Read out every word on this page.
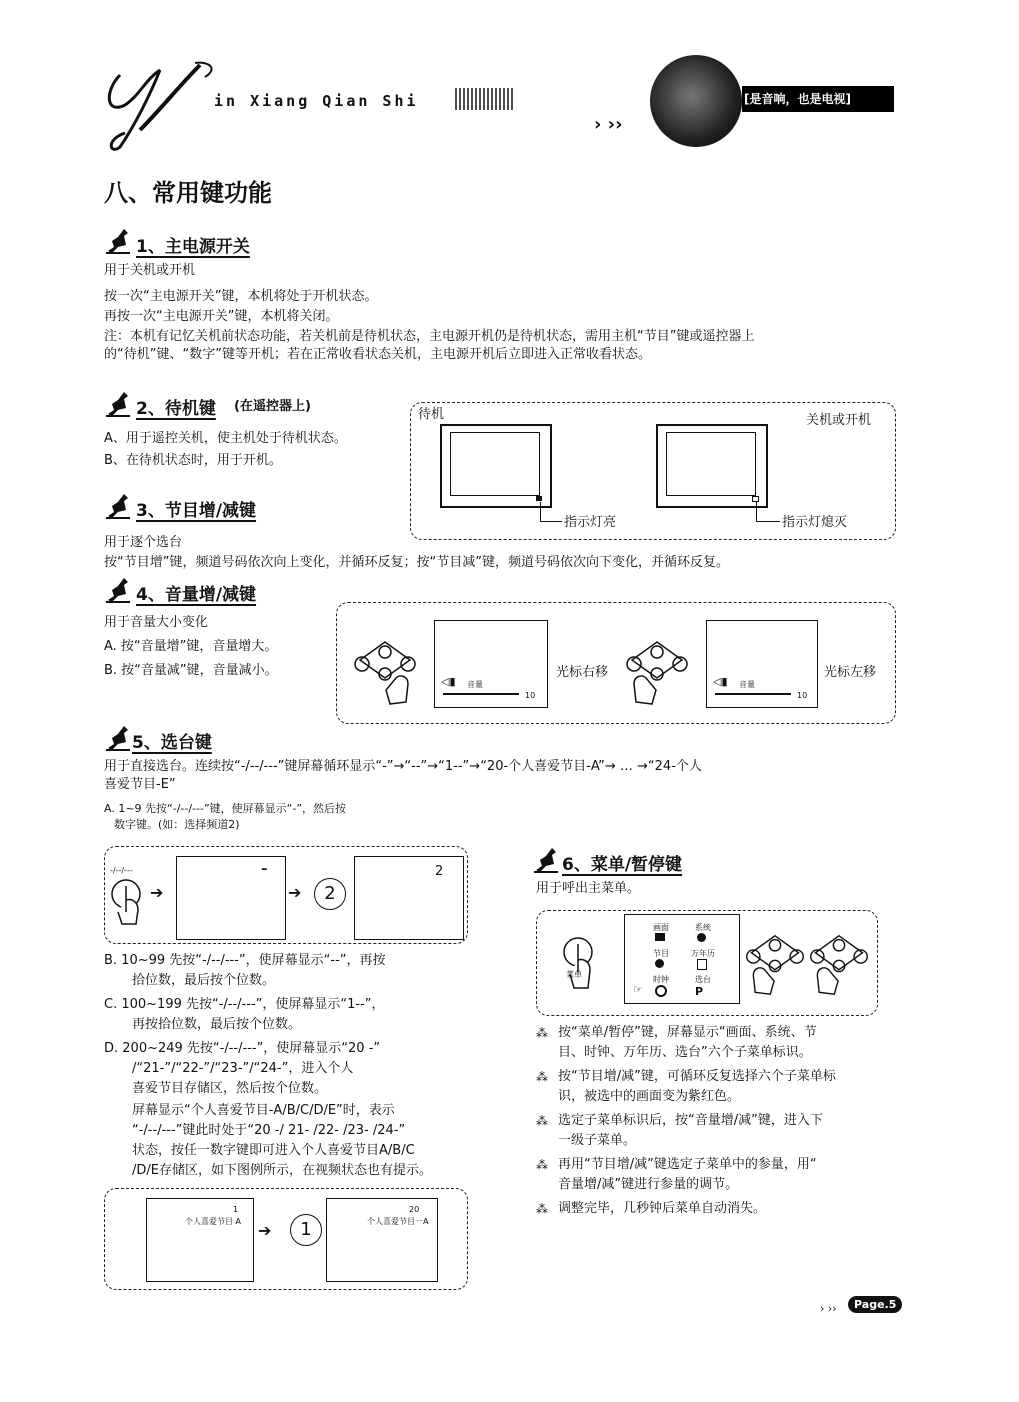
in Xiang Qian Shi
› ››
[是音响，也是电视]
八、常用键功能
1、主电源开关
用于关机或开机
按一次“主电源开关”键，本机将处于开机状态。
再按一次“主电源开关”键，本机将关闭。
注：本机有记忆关机前状态功能，若关机前是待机状态，主电源开机仍是待机状态，需用主机“节目”键或遥控器上
的“待机”键、“数字”键等开机；若在正常收看状态关机，主电源开机后立即进入正常收看状态。
2、待机键 (在遥控器上)
A、用于遥控关机，使主机处于待机状态。
B、在待机状态时，用于开机。
待机	关机或开机
指示灯亮	指示灯熄灭
3、节目增/减键
用于逐个选台
按“节目增”键，频道号码依次向上变化，并循环反复；按“节目减”键，频道号码依次向下变化，并循环反复。
4、音量增/减键
用于音量大小变化
A. 按“音量增”键，音量增大。
B. 按“音量减”键，音量减小。
◁▮ 音量
10
光标右移
◁▮ 音量
10
光标左移
5、选台键
用于直接选台。连续按“-/--/---”键屏幕循环显示“-”→“--”→“1--”→“20-个人喜爱节目-A”→ … →“24-个人
喜爱节目-E”
A. 1~9 先按“-/--/---”键，使屏幕显示“-”，然后按
数字键。(如：选择频道2)
-/--/---
➔
–
➔	2
2
B. 10~99 先按“-/--/---”，使屏幕显示“--”，再按
拾位数，最后按个位数。
C. 100~199 先按“-/--/---”，使屏幕显示“1--”，
再按拾位数，最后按个位数。
D. 200~249 先按“-/--/---”，使屏幕显示“20 -”
/“21-”/“22-”/“23-”/“24-”，进入个人
喜爱节目存储区，然后按个位数。
屏幕显示“个人喜爱节目-A/B/C/D/E”时，表示
“-/--/---”键此时处于“20 -/ 21- /22- /23- /24-”
状态，按任一数字键即可进入个人喜爱节目A/B/C
/D/E存储区，如下图例所示，在视频状态也有提示。
1
个人喜爱节目 A ➔	1
20
个人喜爱节目一A
6、菜单/暂停键
用于呼出主菜单。
菜单
画面	系统
节目	万年历
时钟	选台
P
☞
⁂ 按“菜单/暂停”键，屏幕显示“画面、系统、节
目、时钟、万年历、选台”六个子菜单标识。
⁂ 按“节目增/减”键，可循环反复选择六个子菜单标
识，被选中的画面变为紫红色。
⁂ 选定子菜单标识后，按“音量增/减”键，进入下
一级子菜单。
⁂ 再用“节目增/减”键选定子菜单中的参量，用“
音量增/减”键进行参量的调节。
⁂ 调整完毕，几秒钟后菜单自动消失。
› ››	Page.5
